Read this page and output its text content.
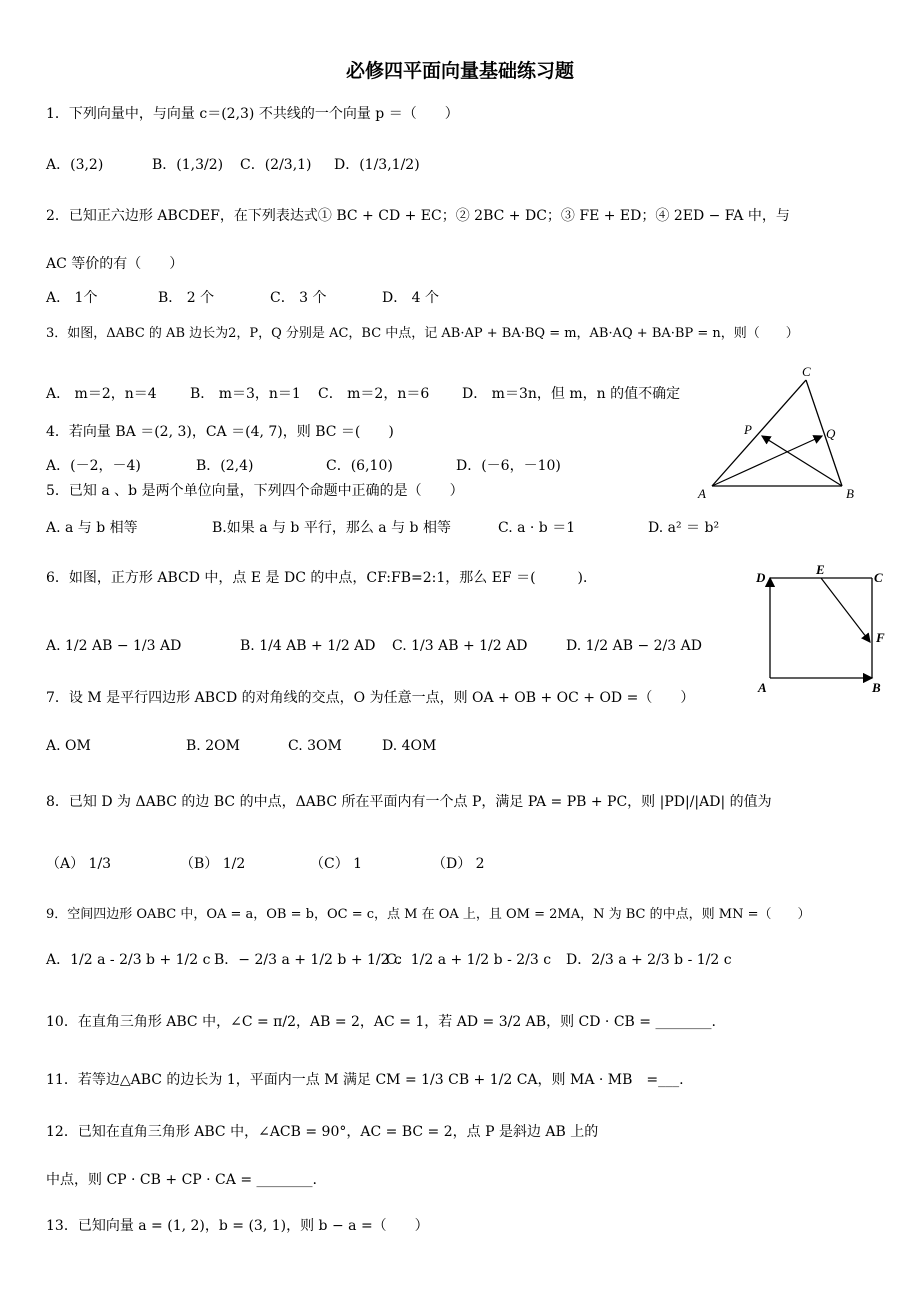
必修四平面向量基础练习题
1．下列向量中，与向量 c＝(2,3) 不共线的一个向量 p ＝（　　）
A．(3,2)	B．(1,3/2) C．(2/3,1) D．(1/3,1/2)
2．已知正六边形 ABCDEF，在下列表达式① BC + CD + EC；② 2BC + DC；③ FE + ED；④ 2ED − FA 中，与
AC 等价的有（　　）
A． 1个	B． 2 个	C． 3 个	D． 4 个
3．如图，ΔABC 的 AB 边长为2，P，Q 分别是 AC，BC 中点，记 AB·AP + BA·BQ = m，AB·AQ + BA·BP = n，则（　　）
A． m＝2，n＝4 B． m＝3，n＝1 C． m＝2，n＝6 D． m＝3n，但 m，n 的值不确定
4．若向量 BA ＝(2, 3)，CA ＝(4, 7)，则 BC ＝(　　)
A．(－2，－4)	B．(2,4)	C．(6,10)	D．(－6，－10)
5．已知 a 、b 是两个单位向量，下列四个命题中正确的是（　　）
A. a 与 b 相等	B.如果 a 与 b 平行，那么 a 与 b 相等	C. a · b ＝1	D. a² ＝ b²
6．如图，正方形 ABCD 中，点 E 是 DC 的中点，CF:FB=2:1，那么 EF ＝(　　　)．
A. 1/2 AB − 1/3 AD	B. 1/4 AB + 1/2 AD C. 1/3 AB + 1/2 AD	D. 1/2 AB − 2/3 AD
7．设 M 是平行四边形 ABCD 的对角线的交点，O 为任意一点，则 OA + OB + OC + OD =（　　）
A. OM	B. 2OM	C. 3OM	D. 4OM
8．已知 D 为 ΔABC 的边 BC 的中点，ΔABC 所在平面内有一个点 P，满足 PA = PB + PC，则 |PD|/|AD| 的值为
（A） 1/3	（B） 1/2	（C） 1	（D） 2
9．空间四边形 OABC 中，OA = a，OB = b，OC = c，点 M 在 OA 上，且 OM = 2MA，N 为 BC 的中点，则 MN =（　　）
A．1/2 a - 2/3 b + 1/2 c B．− 2/3 a + 1/2 b + 1/2 c
C．1/2 a + 1/2 b - 2/3 c D．2/3 a + 2/3 b - 1/2 c
10．在直角三角形 ABC 中，∠C = π/2，AB = 2，AC = 1，若 AD = 3/2 AB，则 CD · CB = ________.
11．若等边△ABC 的边长为 1，平面内一点 M 满足 CM = 1/3 CB + 1/2 CA，则 MA · MB　=___.
12．已知在直角三角形 ABC 中，∠ACB = 90°，AC = BC = 2，点 P 是斜边 AB 上的
中点，则 CP · CB + CP · CA = ________.
13．已知向量 a = (1, 2)，b = (3, 1)，则 b − a =（　　）
A	B
C
P	Q
A	B
C
D
E
F
